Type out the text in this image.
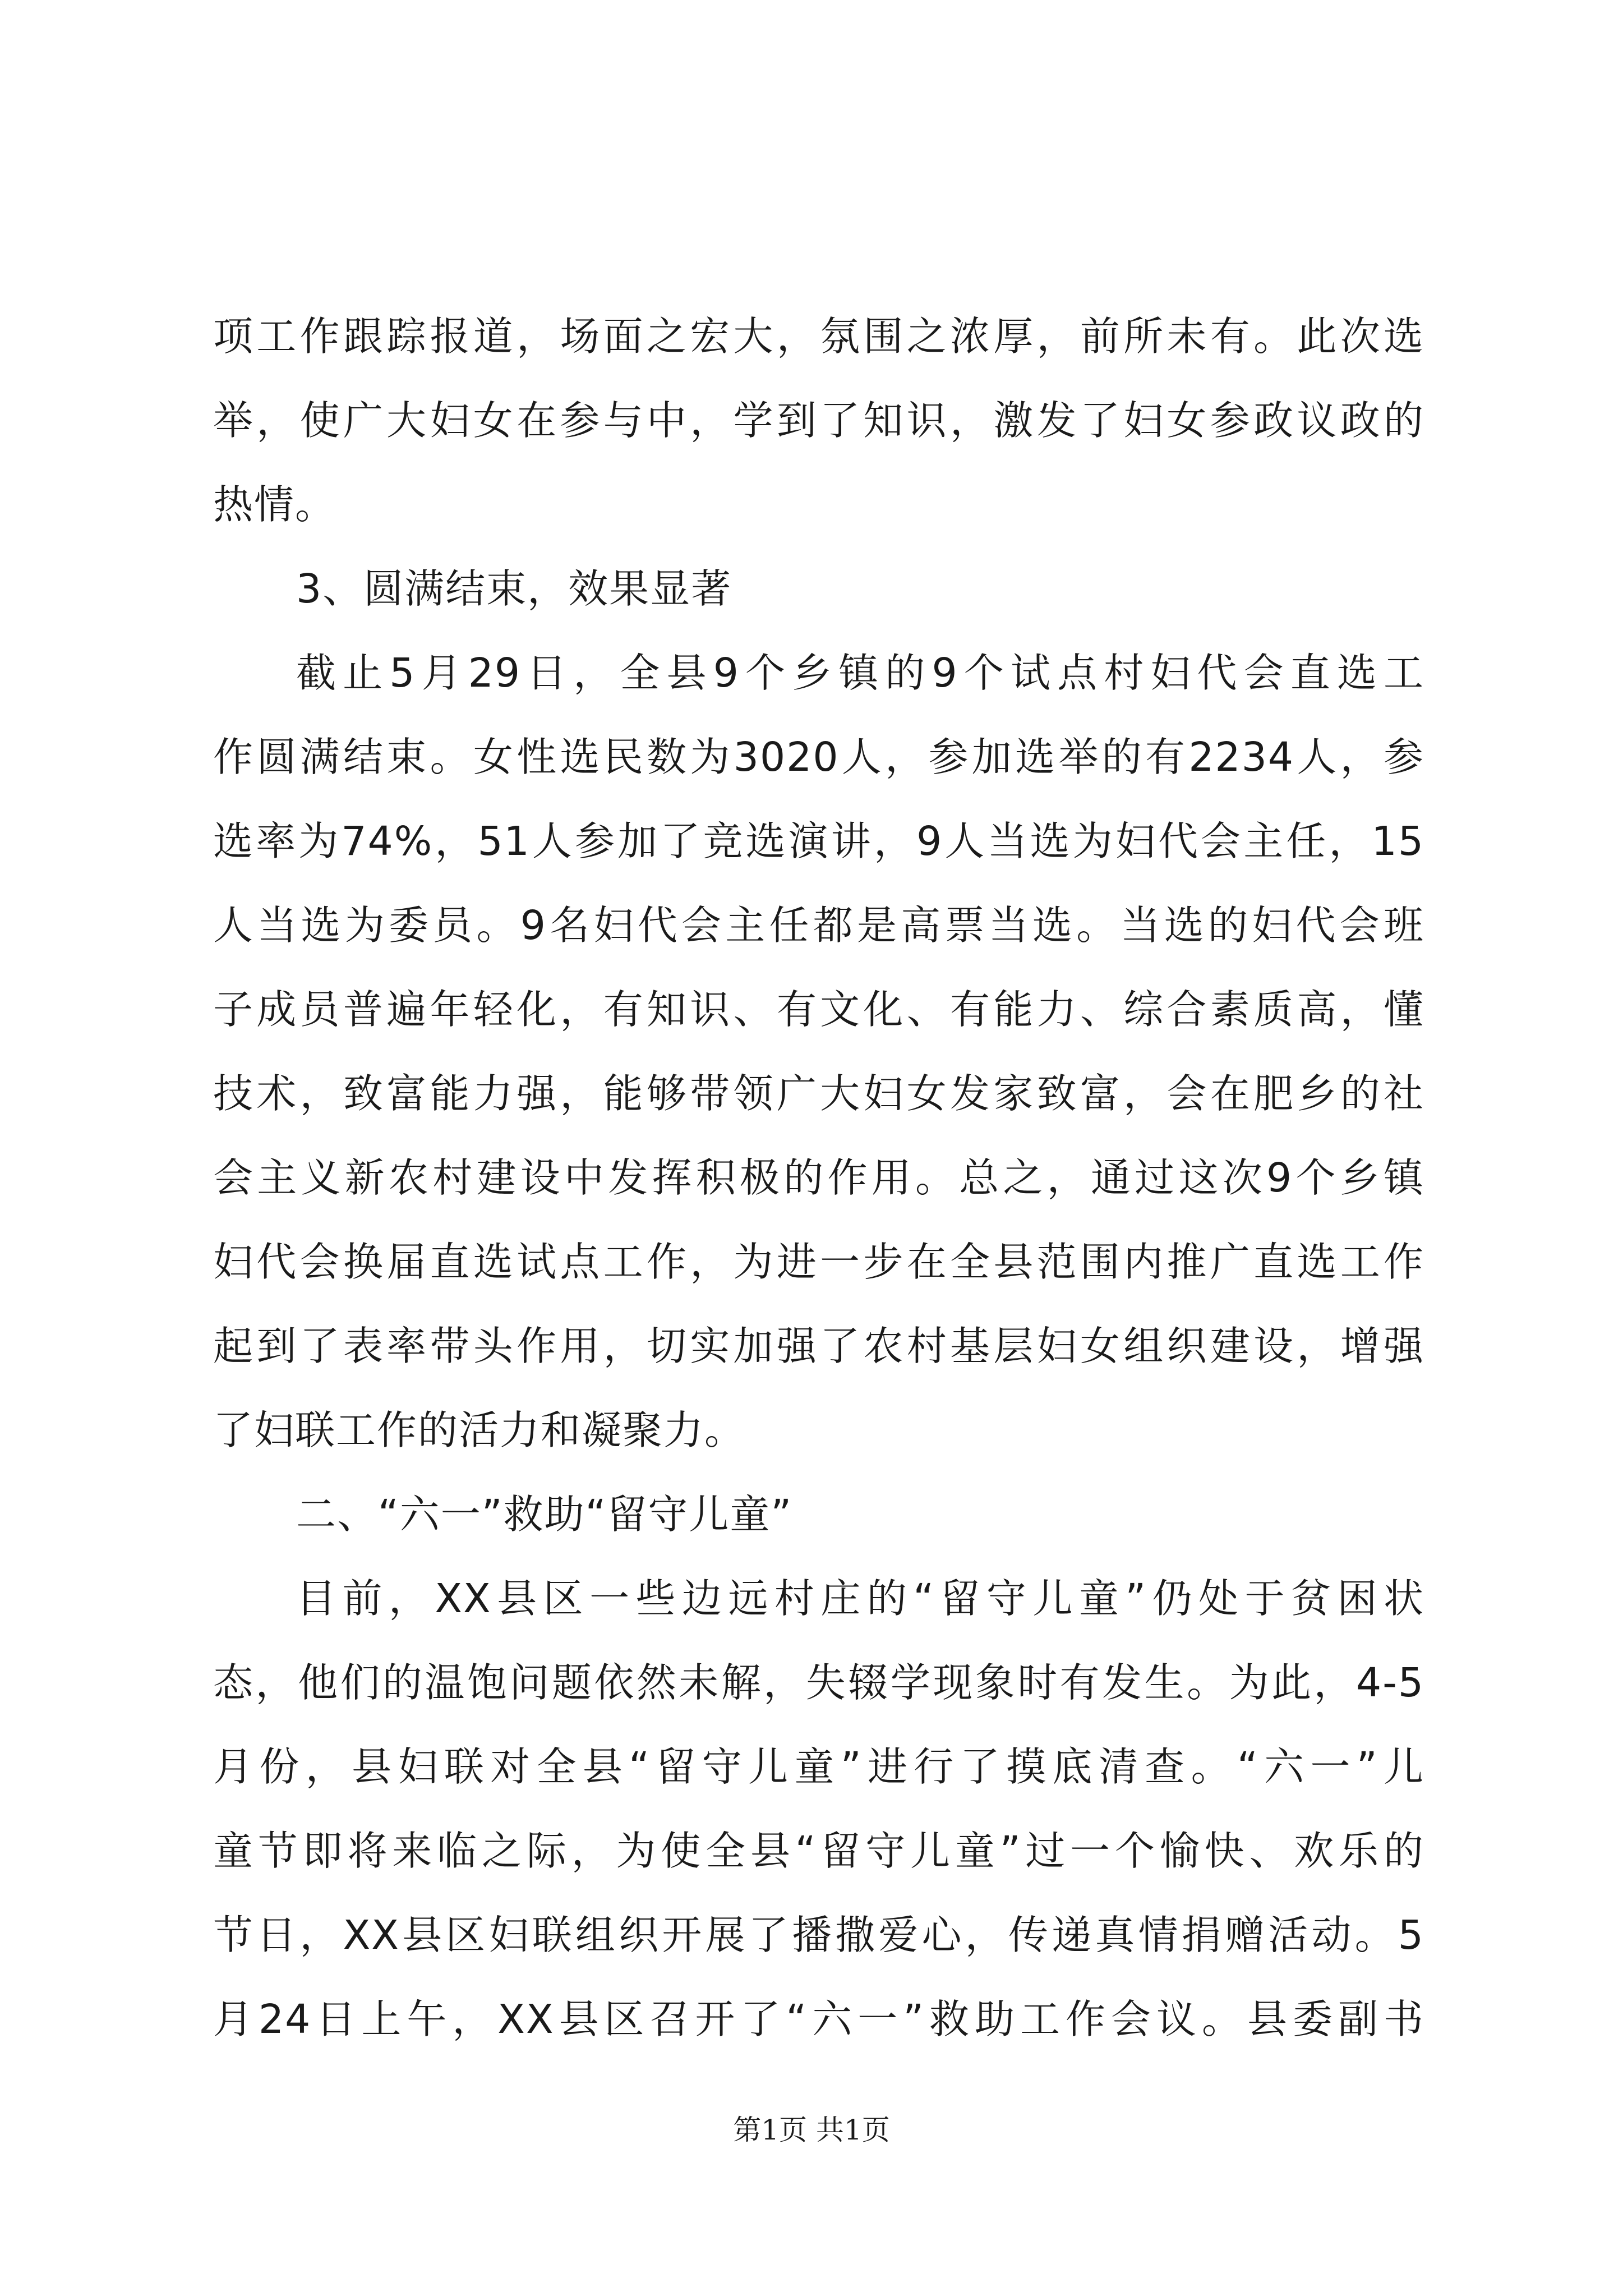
项工作跟踪报道，场面之宏大，氛围之浓厚，前所未有。此次选
举，使广大妇女在参与中，学到了知识，激发了妇女参政议政的
热情。
3、圆满结束，效果显著
截止5月29日，全县9个乡镇的9个试点村妇代会直选工
作圆满结束。女性选民数为3020人，参加选举的有2234人，参
选率为74%，51人参加了竞选演讲，9人当选为妇代会主任，15
人当选为委员。9名妇代会主任都是高票当选。当选的妇代会班
子成员普遍年轻化，有知识、有文化、有能力、综合素质高，懂
技术，致富能力强，能够带领广大妇女发家致富，会在肥乡的社
会主义新农村建设中发挥积极的作用。总之，通过这次9个乡镇
妇代会换届直选试点工作，为进一步在全县范围内推广直选工作
起到了表率带头作用，切实加强了农村基层妇女组织建设，增强
了妇联工作的活力和凝聚力。
二、“六一”救助“留守儿童”
目前，XX县区一些边远村庄的“留守儿童”仍处于贫困状
态，他们的温饱问题依然未解，失辍学现象时有发生。为此，4-5
月份，县妇联对全县“留守儿童”进行了摸底清查。“六一”儿
童节即将来临之际，为使全县“留守儿童”过一个愉快、欢乐的
节日，XX县区妇联组织开展了播撒爱心，传递真情捐赠活动。5
月24日上午，XX县区召开了“六一”救助工作会议。县委副书
第1页 共1页
